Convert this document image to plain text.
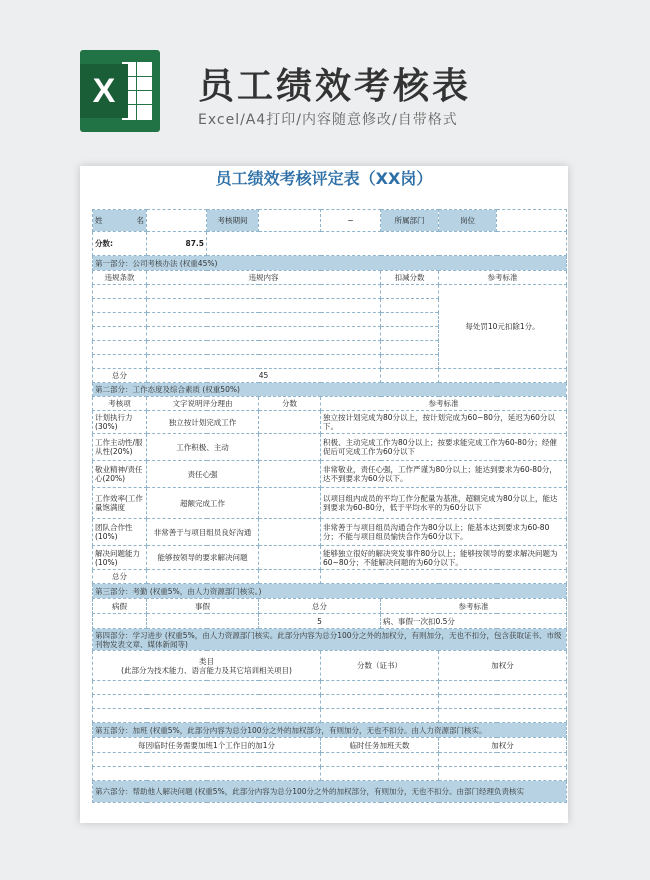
X	员工绩效考核表
Excel/A4打印/内容随意修改/自带格式
员工绩效考核评定表（XX岗）
姓 名		考核期间		~	所属部门	岗位	
分数:	87.5						
第一部分：公司考核办法 (权重45%)							
违规条款	违规内容				扣减分数	参考标准	
						每处罚10元扣除1分。	

总分	45						
第二部分：工作态度及综合素质 (权重50%)							
考核项	文字说明评分理由		分数	参考标准			
计划执行力(30%)	独立按计划完成工作			独立按计划完成为80分以上，按计划完成为60~80分，延迟为60分以下。			
工作主动性/服从性(20%)	工作积极、主动			积极、主动完成工作为80分以上；按要求能完成工作为60-80分；经催促后可完成工作为60分以下			
敬业精神/责任心(20%)	责任心强			非常敬业，责任心强，工作严谨为80分以上；能达到要求为60-80分，达不到要求为60分以下。			
工作效率(工作量饱满度	超额完成工作			以项目组内成员的平均工作分配量为基准，超额完成为80分以上，能达到要求为60-80分，低于平均水平的为60分以下			
团队合作性(10%)	非常善于与项目组员良好沟通			非常善于与项目组员沟通合作为80分以上；能基本达到要求为60-80分；不能与项目组员愉快合作为60分以下。			
解决问题能力(10%)	能够按领导的要求解决问题			能够独立很好的解决突发事件80分以上；能够按领导的要求解决问题为60~80分；不能解决问题的为60分以下。			
总分							
第三部分：考勤 (权重5%，由人力资源部门核实。)							
病假	事假		总分		参考标准		
			5		病、事假一次扣0.5分		
第四部分：学习进步 (权重5%，由人力资源部门核实。此部分内容为总分100分之外的加权分，有则加分，无也不扣分，包含获取证书、市级刊物发表文章、媒体新闻等)							
类目
(此部分为技术能力、语言能力及其它培训相关项目)				分数（证书）		加权分	

第五部分：加班 (权重5%，此部分内容为总分100分之外的加权部分，有则加分，无也不扣分。由人力资源部门核实。							
每因临时任务需要加班1个工作日的加1分				临时任务加班天数		加权分	

第六部分：帮助他人解决问题 (权重5%，此部分内容为总分100分之外的加权部分，有则加分，无也不扣分。由部门经理负责核实							
